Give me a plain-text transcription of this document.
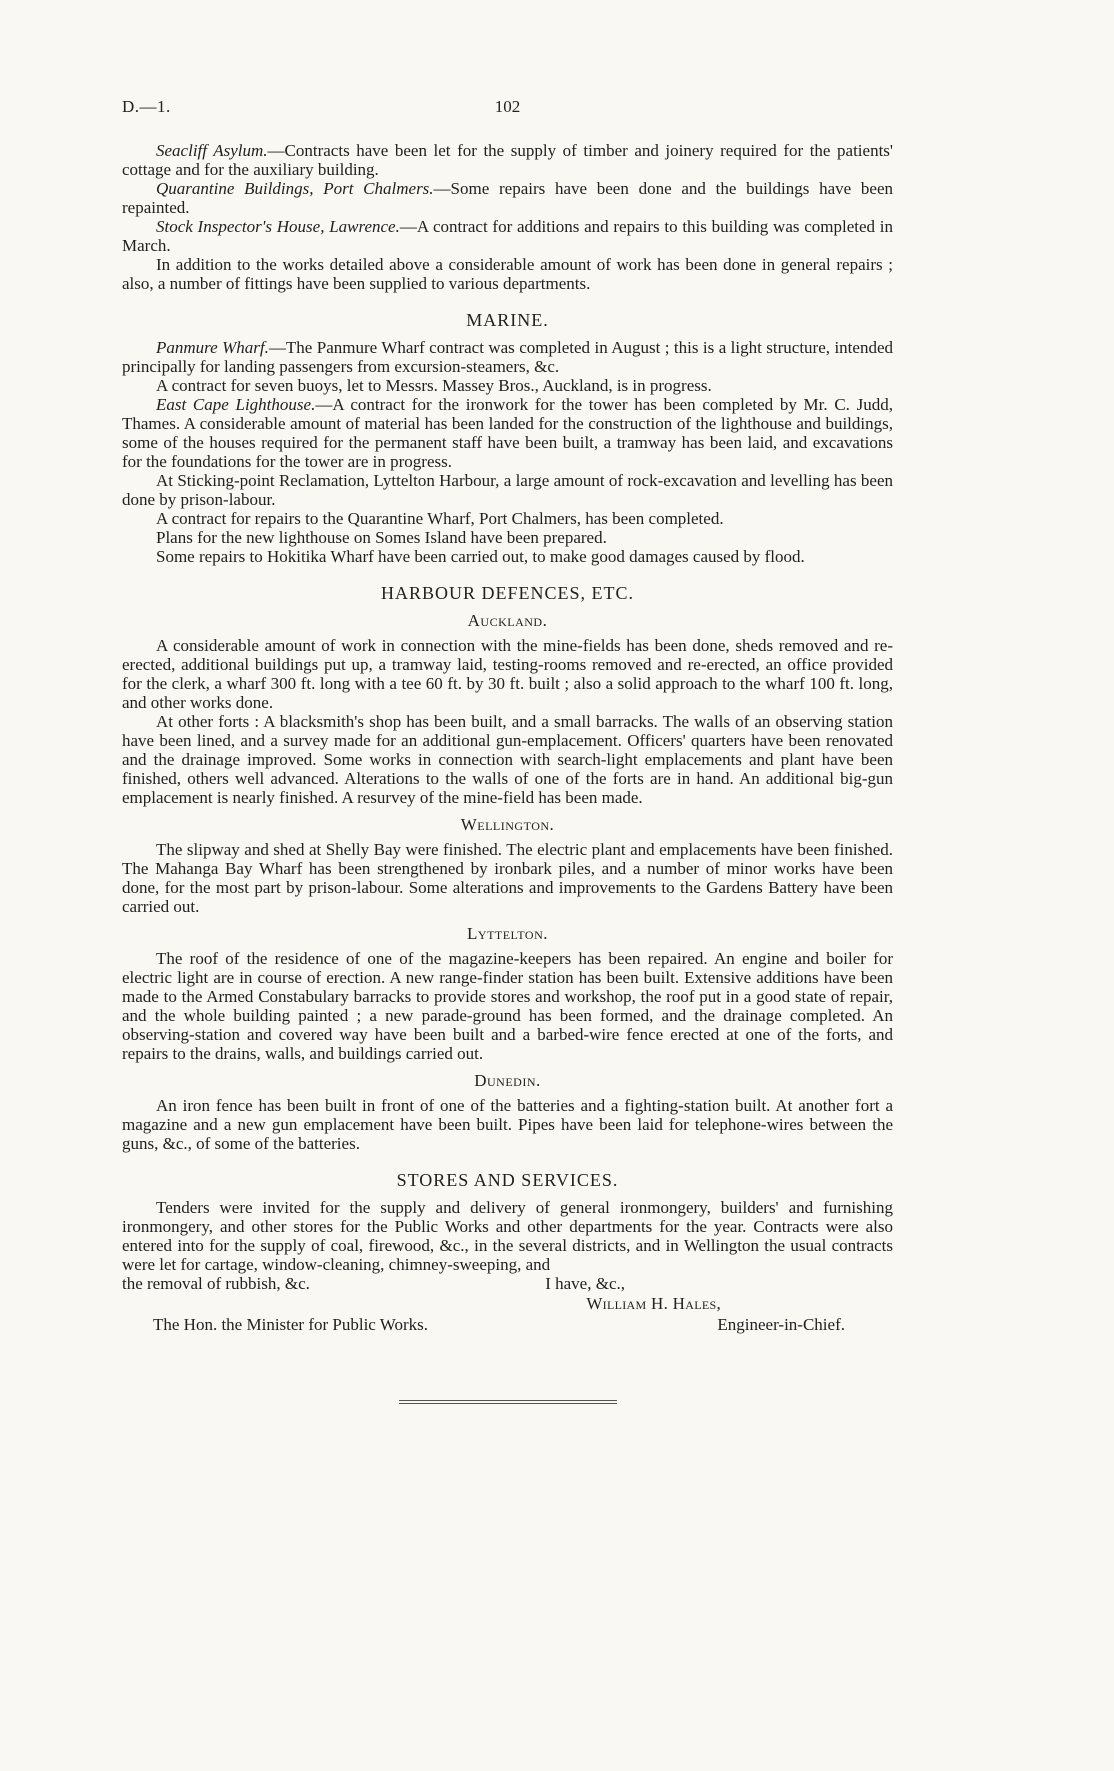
D.—1.	102

Seacliff Asylum.—Contracts have been let for the supply of timber and joinery required for the patients' cottage and for the auxiliary building.

Quarantine Buildings, Port Chalmers.—Some repairs have been done and the buildings have been repainted.

Stock Inspector's House, Lawrence.—A contract for additions and repairs to this building was completed in March.

In addition to the works detailed above a considerable amount of work has been done in general repairs ; also, a number of fittings have been supplied to various departments.

MARINE.

Panmure Wharf.—The Panmure Wharf contract was completed in August ; this is a light structure, intended principally for landing passengers from excursion-steamers, &c.

A contract for seven buoys, let to Messrs. Massey Bros., Auckland, is in progress.

East Cape Lighthouse.—A contract for the ironwork for the tower has been completed by Mr. C. Judd, Thames. A considerable amount of material has been landed for the construction of the lighthouse and buildings, some of the houses required for the permanent staff have been built, a tramway has been laid, and excavations for the foundations for the tower are in progress.

At Sticking-point Reclamation, Lyttelton Harbour, a large amount of rock-excavation and levelling has been done by prison-labour.

A contract for repairs to the Quarantine Wharf, Port Chalmers, has been completed.

Plans for the new lighthouse on Somes Island have been prepared.

Some repairs to Hokitika Wharf have been carried out, to make good damages caused by flood.

HARBOUR DEFENCES, ETC.
Auckland.

A considerable amount of work in connection with the mine-fields has been done, sheds removed and re-erected, additional buildings put up, a tramway laid, testing-rooms removed and re-erected, an office provided for the clerk, a wharf 300 ft. long with a tee 60 ft. by 30 ft. built ; also a solid approach to the wharf 100 ft. long, and other works done.

At other forts : A blacksmith's shop has been built, and a small barracks. The walls of an observing station have been lined, and a survey made for an additional gun-emplacement. Officers' quarters have been renovated and the drainage improved. Some works in connection with search-light emplacements and plant have been finished, others well advanced. Alterations to the walls of one of the forts are in hand. An additional big-gun emplacement is nearly finished. A resurvey of the mine-field has been made.

Wellington.

The slipway and shed at Shelly Bay were finished. The electric plant and emplacements have been finished. The Mahanga Bay Wharf has been strengthened by ironbark piles, and a number of minor works have been done, for the most part by prison-labour. Some alterations and improvements to the Gardens Battery have been carried out.

Lyttelton.

The roof of the residence of one of the magazine-keepers has been repaired. An engine and boiler for electric light are in course of erection. A new range-finder station has been built. Extensive additions have been made to the Armed Constabulary barracks to provide stores and workshop, the roof put in a good state of repair, and the whole building painted ; a new parade-ground has been formed, and the drainage completed. An observing-station and covered way have been built and a barbed-wire fence erected at one of the forts, and repairs to the drains, walls, and buildings carried out.

Dunedin.

An iron fence has been built in front of one of the batteries and a fighting-station built. At another fort a magazine and a new gun emplacement have been built. Pipes have been laid for telephone-wires between the guns, &c., of some of the batteries.

STORES AND SERVICES.

Tenders were invited for the supply and delivery of general ironmongery, builders' and furnishing ironmongery, and other stores for the Public Works and other departments for the year. Contracts were also entered into for the supply of coal, firewood, &c., in the several districts, and in Wellington the usual contracts were let for cartage, window-cleaning, chimney-sweeping, and

the removal of rubbish, &c.	I have, &c.,
William H. Hales,
The Hon. the Minister for Public Works.	Engineer-in-Chief.
